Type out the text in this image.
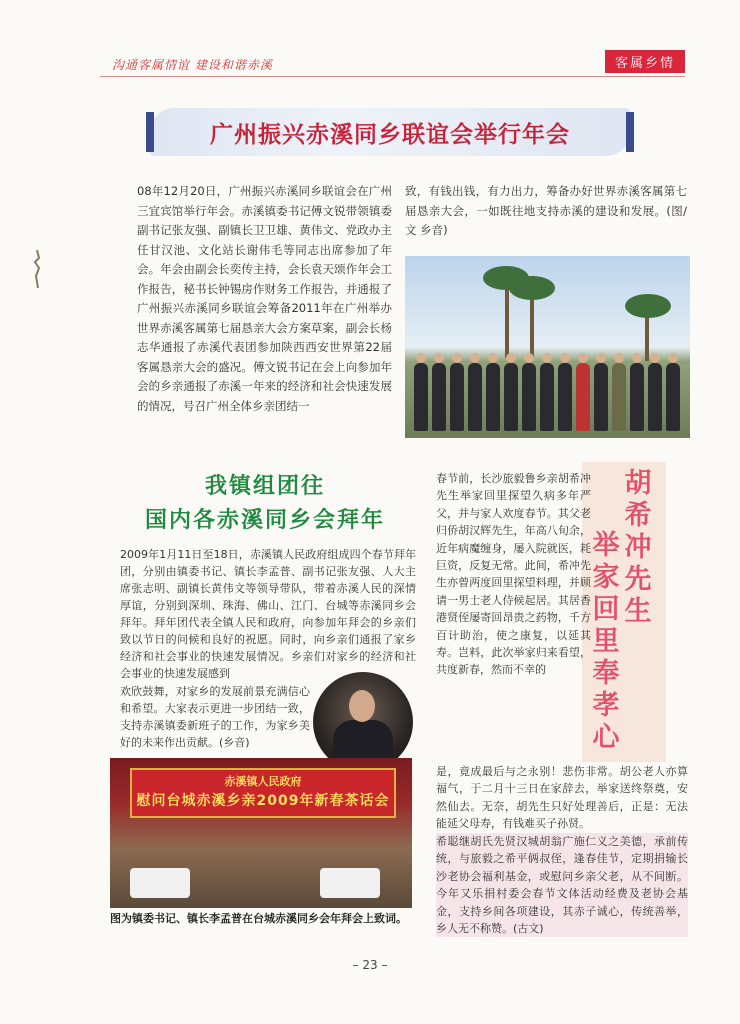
沟通客属情谊 建设和谐赤溪	客属乡情
广州振兴赤溪同乡联谊会举行年会
08年12月20日，广州振兴赤溪同乡联谊会在广州三宜宾馆举行年会。赤溪镇委书记傅文锐带领镇委副书记张友强、副镇长卫卫雄、黄伟文、党政办主任甘汉池、文化站长谢伟毛等同志出席参加了年会。年会由副会长奕传主持，会长袁天颂作年会工作报告，秘书长钟锡房作财务工作报告，并通报了广州振兴赤溪同乡联谊会筹备2011年在广州举办世界赤溪客属第七届恳亲大会方案草案，副会长杨志华通报了赤溪代表团参加陕西西安世界第22届客属恳亲大会的盛况。傅文锐书记在会上向参加年会的乡亲通报了赤溪一年来的经济和社会快速发展的情况，号召广州全体乡亲团结一
致，有钱出钱，有力出力，筹备办好世界赤溪客属第七届恳亲大会，一如既往地支持赤溪的建设和发展。(图/文 乡音)
我镇组团往
国内各赤溪同乡会拜年
2009年1月11日至18日，赤溪镇人民政府组成四个春节拜年团，分别由镇委书记、镇长李孟普、副书记张友强、人大主席张志明、副镇长黄伟文等领导带队，带着赤溪人民的深情厚谊，分别到深圳、珠海、佛山、江门、台城等赤溪同乡会拜年。拜年团代表全镇人民和政府，向参加年拜会的乡亲们致以节日的问候和良好的祝愿。同时，向乡亲们通报了家乡经济和社会事业的快速发展情况。乡亲们对家乡的经济和社会事业的快速发展感到
欢欣鼓舞，对家乡的发展前景充满信心和希望。大家表示更进一步团结一致，支持赤溪镇委新班子的工作，为家乡美好的未来作出贡献。(乡音)
赤溪镇人民政府
慰问台城赤溪乡亲2009年新春茶话会
图为镇委书记、镇长李孟普在台城赤溪同乡会年拜会上致词。
胡希冲先生
举家回里奉孝心
春节前，长沙旅毅鲁乡亲胡希冲先生举家回里探望久病多年严父，并与家人欢度春节。其父老归侨胡汉辉先生，年高八旬余，近年病魔缠身，屡入院就医，耗巨资，反复无常。此间，希冲先生亦曾两度回里探望料理，并顾请一男士老人侍候起居。其居香港贤侄屡寄回昂贵之药物，千方百计助治，使之康复，以延其寿。岂料，此次举家归来看望，共度新春，然而不幸的
是，竟成最后与之永别！悲伤非常。胡公老人亦算福气，于二月十三日在家辞去，举家送终祭奠，安然仙去。无奈，胡先生只好处理善后，正是：无法能延父母寿，有钱难买子孙贤。
希聪继胡氏先贤汉城胡翁广施仁义之美德，承前传统，与旅毅之希平俩叔侄，逢春佳节，定期捐输长沙老协会福利基金，或慰问乡亲父老，从不间断。今年又乐捐村委会春节文体活动经费及老协会基金，支持乡间各项建设，其赤子诚心，传统善举，乡人无不称赞。(古文)
– 23 –
